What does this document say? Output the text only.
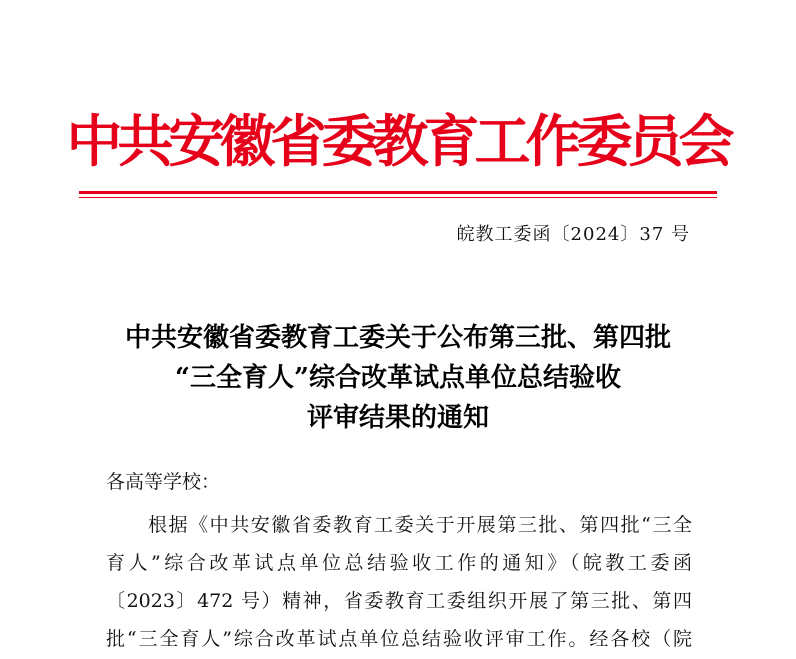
中共安徽省委教育工作委员会
皖教工委函〔2024〕37 号
中共安徽省委教育工委关于公布第三批、第四批
“三全育人”综合改革试点单位总结验收
评审结果的通知
各高等学校：
根据《中共安徽省委教育工委关于开展第三批、第四批“三全
育人”综合改革试点单位总结验收工作的通知》（皖教工委函
〔2023〕472 号）精神，省委教育工委组织开展了第三批、第四
批“三全育人”综合改革试点单位总结验收评审工作。经各校（院
